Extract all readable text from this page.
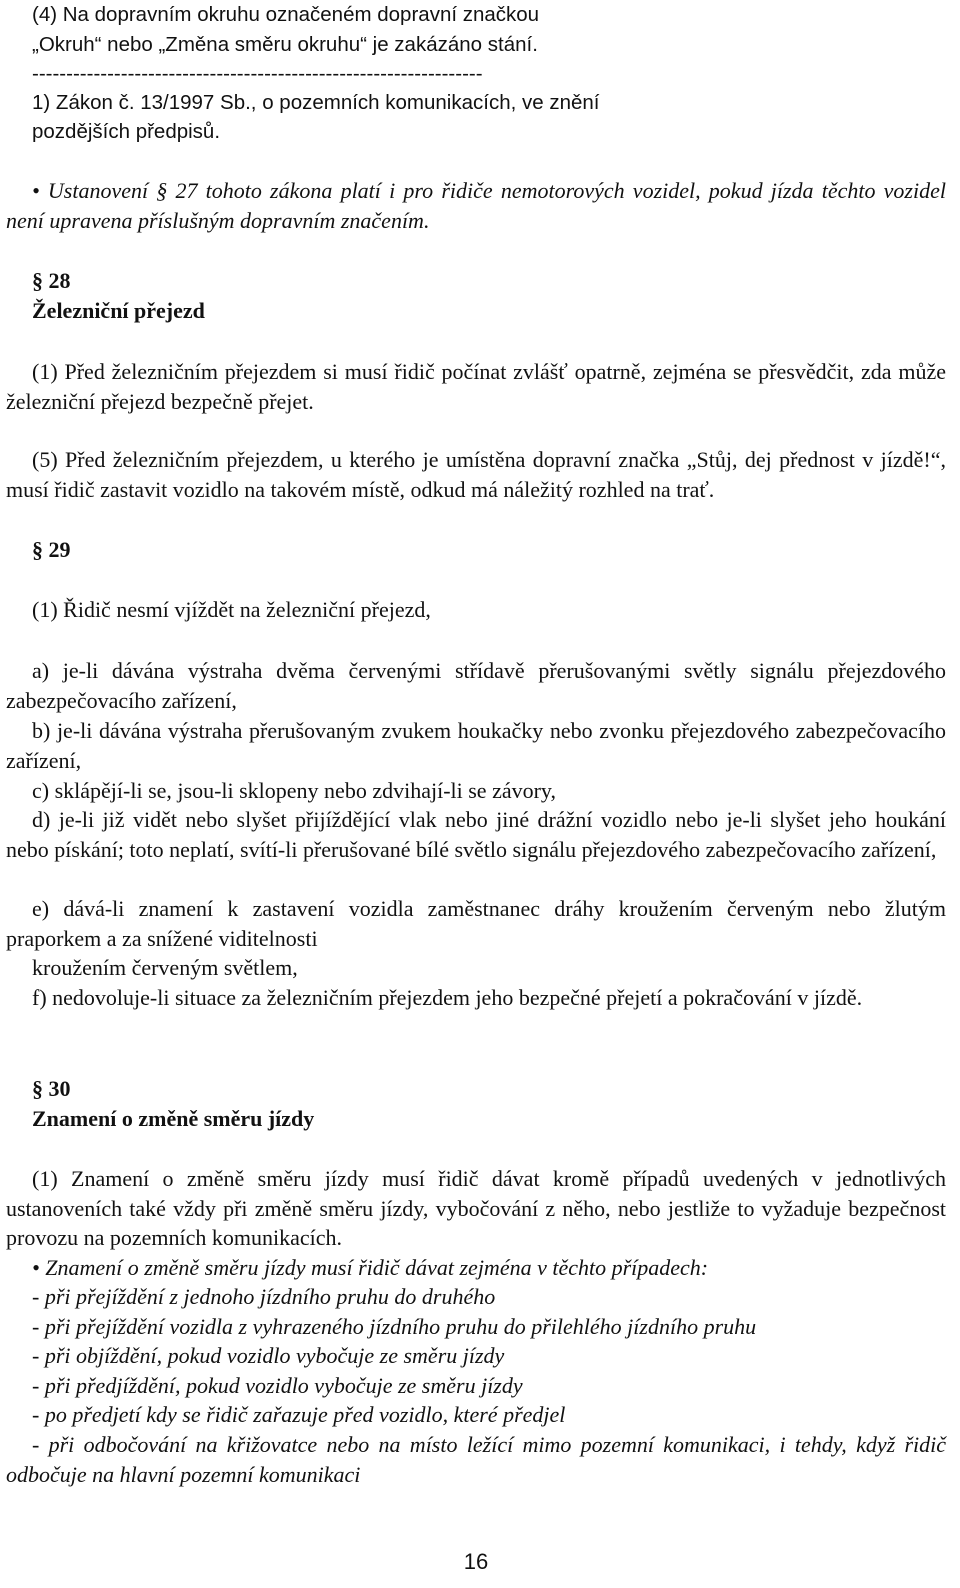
(4) Na dopravním okruhu označeném dopravní značkou „Okruh“ nebo „Změna směru okruhu“ je zakázáno stání.
------------------------------------------------------------------
1) Zákon č. 13/1997 Sb., o pozemních komunikacích, ve znění
pozdějších předpisů.
• Ustanovení § 27 tohoto zákona platí i pro řidiče nemotorových vozidel, pokud jízda těchto vozidel není upravena příslušným dopravním značením.
§ 28
Železniční přejezd
(1) Před železničním přejezdem si musí řidič počínat zvlášť opatrně, zejména se přesvědčit, zda může železniční přejezd bezpečně přejet.
(5) Před železničním přejezdem, u kterého je umístěna dopravní značka „Stůj, dej přednost v jízdě!“, musí řidič zastavit vozidlo na takovém místě, odkud má náležitý rozhled na trať.
§ 29
(1) Řidič nesmí vjíždět na železniční přejezd,
a) je-li dávána výstraha dvěma červenými střídavě přerušovanými světly signálu přejezdového zabezpečovacího zařízení,
b) je-li dávána výstraha přerušovaným zvukem houkačky nebo zvonku přejezdového zabezpečovacího zařízení,
c) sklápějí-li se, jsou-li sklopeny nebo zdvihají-li se závory,
d) je-li již vidět nebo slyšet přijíždějící vlak nebo jiné drážní vozidlo nebo je-li slyšet jeho houkání nebo pískání; toto neplatí, svítí-li přerušované bílé světlo signálu přejezdového zabezpečovacího zařízení,
e) dává-li znamení k zastavení vozidla zaměstnanec dráhy kroužením červeným nebo žlutým praporkem a za snížené viditelnosti
kroužením červeným světlem,
f) nedovoluje-li situace za železničním přejezdem jeho bezpečné přejetí a pokračování v jízdě.
§ 30
Znamení o změně směru jízdy
(1) Znamení o změně směru jízdy musí řidič dávat kromě případů uvedených v jednotlivých ustanoveních také vždy při změně směru jízdy, vybočování z něho, nebo jestliže to vyžaduje bezpečnost provozu na pozemních komunikacích.
• Znamení o změně směru jízdy musí řidič dávat zejména v těchto případech:
- při přejíždění z jednoho jízdního pruhu do druhého
- při přejíždění vozidla z vyhrazeného jízdního pruhu do přilehlého jízdního pruhu
- při objíždění, pokud vozidlo vybočuje ze směru jízdy
- při předjíždění, pokud vozidlo vybočuje ze směru jízdy
- po předjetí kdy se řidič zařazuje před vozidlo, které předjel
- při odbočování na křižovatce nebo na místo ležící mimo pozemní komunikaci, i tehdy, když řidič odbočuje na hlavní pozemní komunikaci
16
